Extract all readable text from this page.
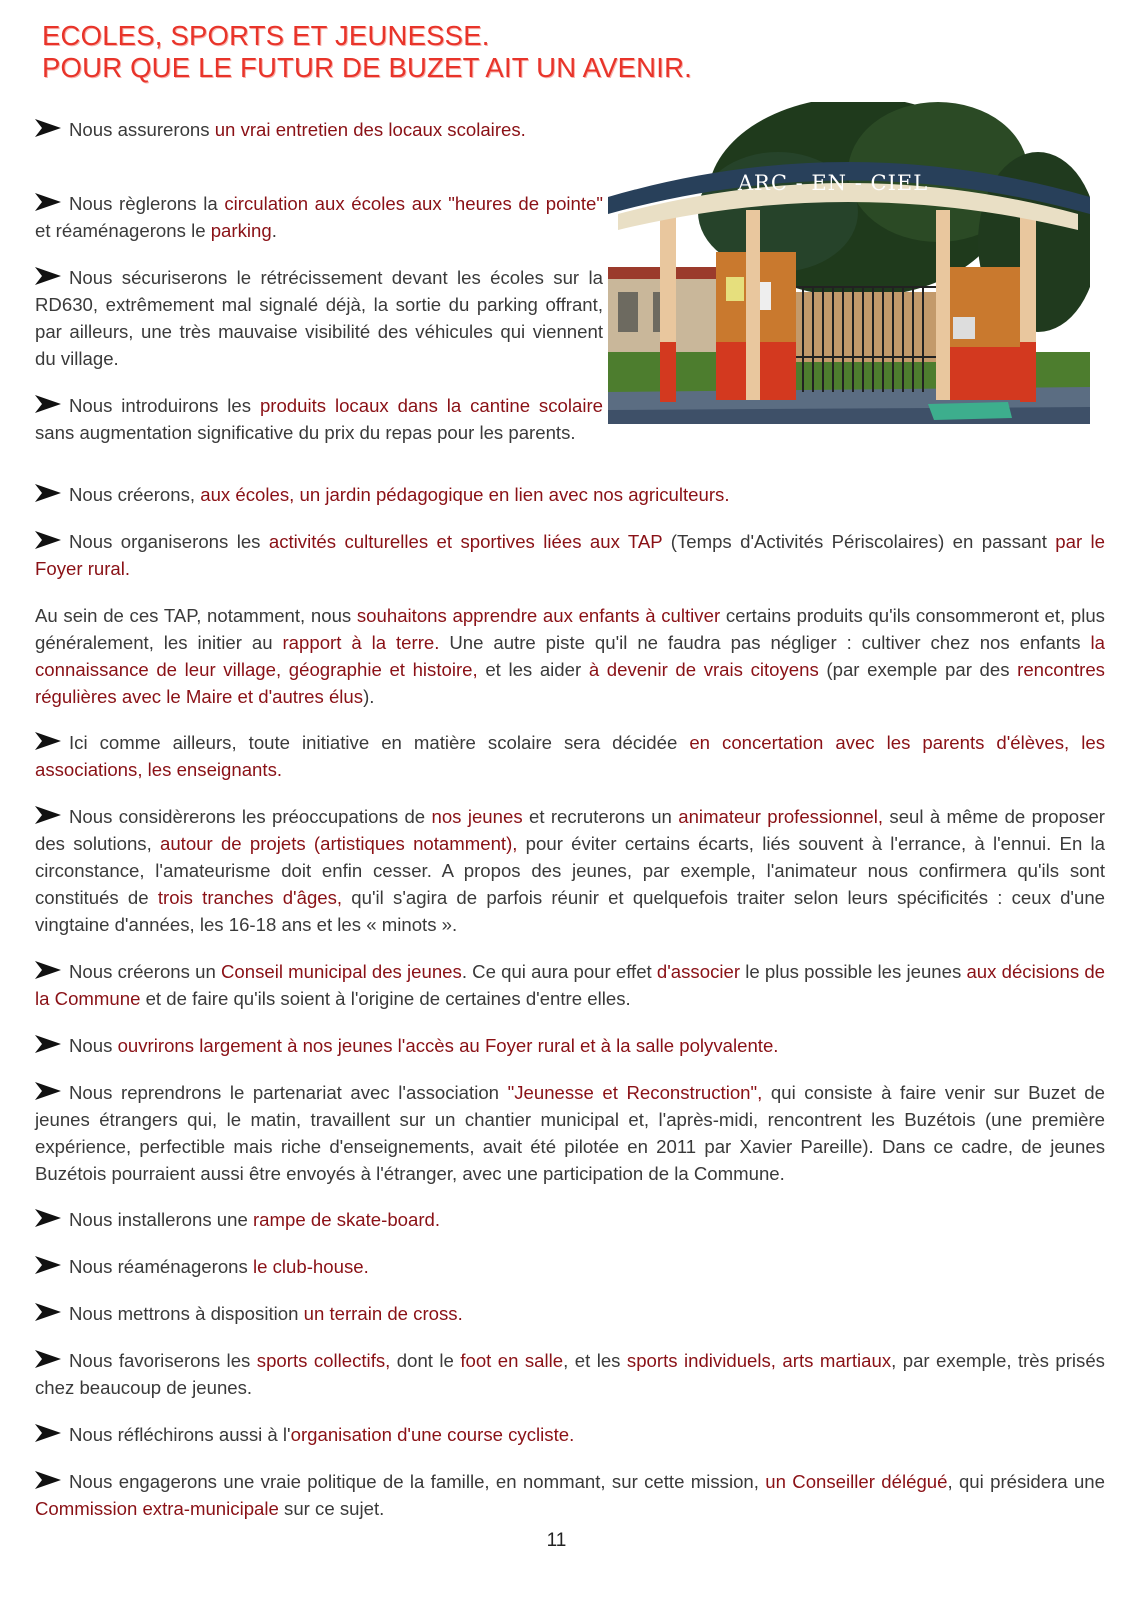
ECOLES, SPORTS ET JEUNESSE.
POUR QUE LE FUTUR DE BUZET AIT UN AVENIR.
ARC - EN - CIEL

Nous assurerons un vrai entretien des locaux scolaires.

Nous règlerons la circulation aux écoles aux "heures de pointe" et réaménagerons le parking.

Nous sécuriserons le rétrécissement devant les écoles sur la RD630, extrêmement mal signalé déjà, la sortie du parking offrant, par ailleurs, une très mauvaise visibilité des véhicules qui viennent du village.

Nous introduirons les produits locaux dans la cantine scolaire sans augmentation significative du prix du repas pour les parents.

Nous créerons, aux écoles, un jardin pédagogique en lien avec nos agriculteurs.

Nous organiserons les activités culturelles et sportives liées aux TAP (Temps d'Activités Périscolaires) en passant par le Foyer rural.

Au sein de ces TAP, notamment, nous souhaitons apprendre aux enfants à cultiver certains produits qu'ils consommeront et, plus généralement, les initier au rapport à la terre. Une autre piste qu'il ne faudra pas négliger : cultiver chez nos enfants la connaissance de leur village, géographie et histoire, et les aider à devenir de vrais citoyens (par exemple par des rencontres régulières avec le Maire et d'autres élus).

Ici comme ailleurs, toute initiative en matière scolaire sera décidée en concertation avec les parents d'élèves, les associations, les enseignants.

Nous considèrerons les préoccupations de nos jeunes et recruterons un animateur professionnel, seul à même de proposer des solutions, autour de projets (artistiques notamment), pour éviter certains écarts, liés souvent à l'errance, à l'ennui. En la circonstance, l'amateurisme doit enfin cesser. A propos des jeunes, par exemple, l'animateur nous confirmera qu'ils sont constitués de trois tranches d'âges, qu'il s'agira de parfois réunir et quelquefois traiter selon leurs spécificités : ceux d'une vingtaine d'années, les 16-18 ans et les « minots ».

Nous créerons un Conseil municipal des jeunes. Ce qui aura pour effet d'associer le plus possible les jeunes aux décisions de la Commune et de faire qu'ils soient à l'origine de certaines d'entre elles.

Nous ouvrirons largement à nos jeunes l'accès au Foyer rural et à la salle polyvalente.

Nous reprendrons le partenariat avec l'association "Jeunesse et Reconstruction", qui consiste à faire venir sur Buzet de jeunes étrangers qui, le matin, travaillent sur un chantier municipal et, l'après-midi, rencontrent les Buzétois (une première expérience, perfectible mais riche d'enseignements, avait été pilotée en 2011 par Xavier Pareille). Dans ce cadre, de jeunes Buzétois pourraient aussi être envoyés à l'étranger, avec une participation de la Commune.

Nous installerons une rampe de skate-board.

Nous réaménagerons le club-house.

Nous mettrons à disposition un terrain de cross.

Nous favoriserons les sports collectifs, dont le foot en salle, et les sports individuels, arts martiaux, par exemple, très prisés chez beaucoup de jeunes.

Nous réfléchirons aussi à l'organisation d'une course cycliste.

Nous engagerons une vraie politique de la famille, en nommant, sur cette mission, un Conseiller délégué, qui présidera une Commission extra-municipale sur ce sujet.

11
